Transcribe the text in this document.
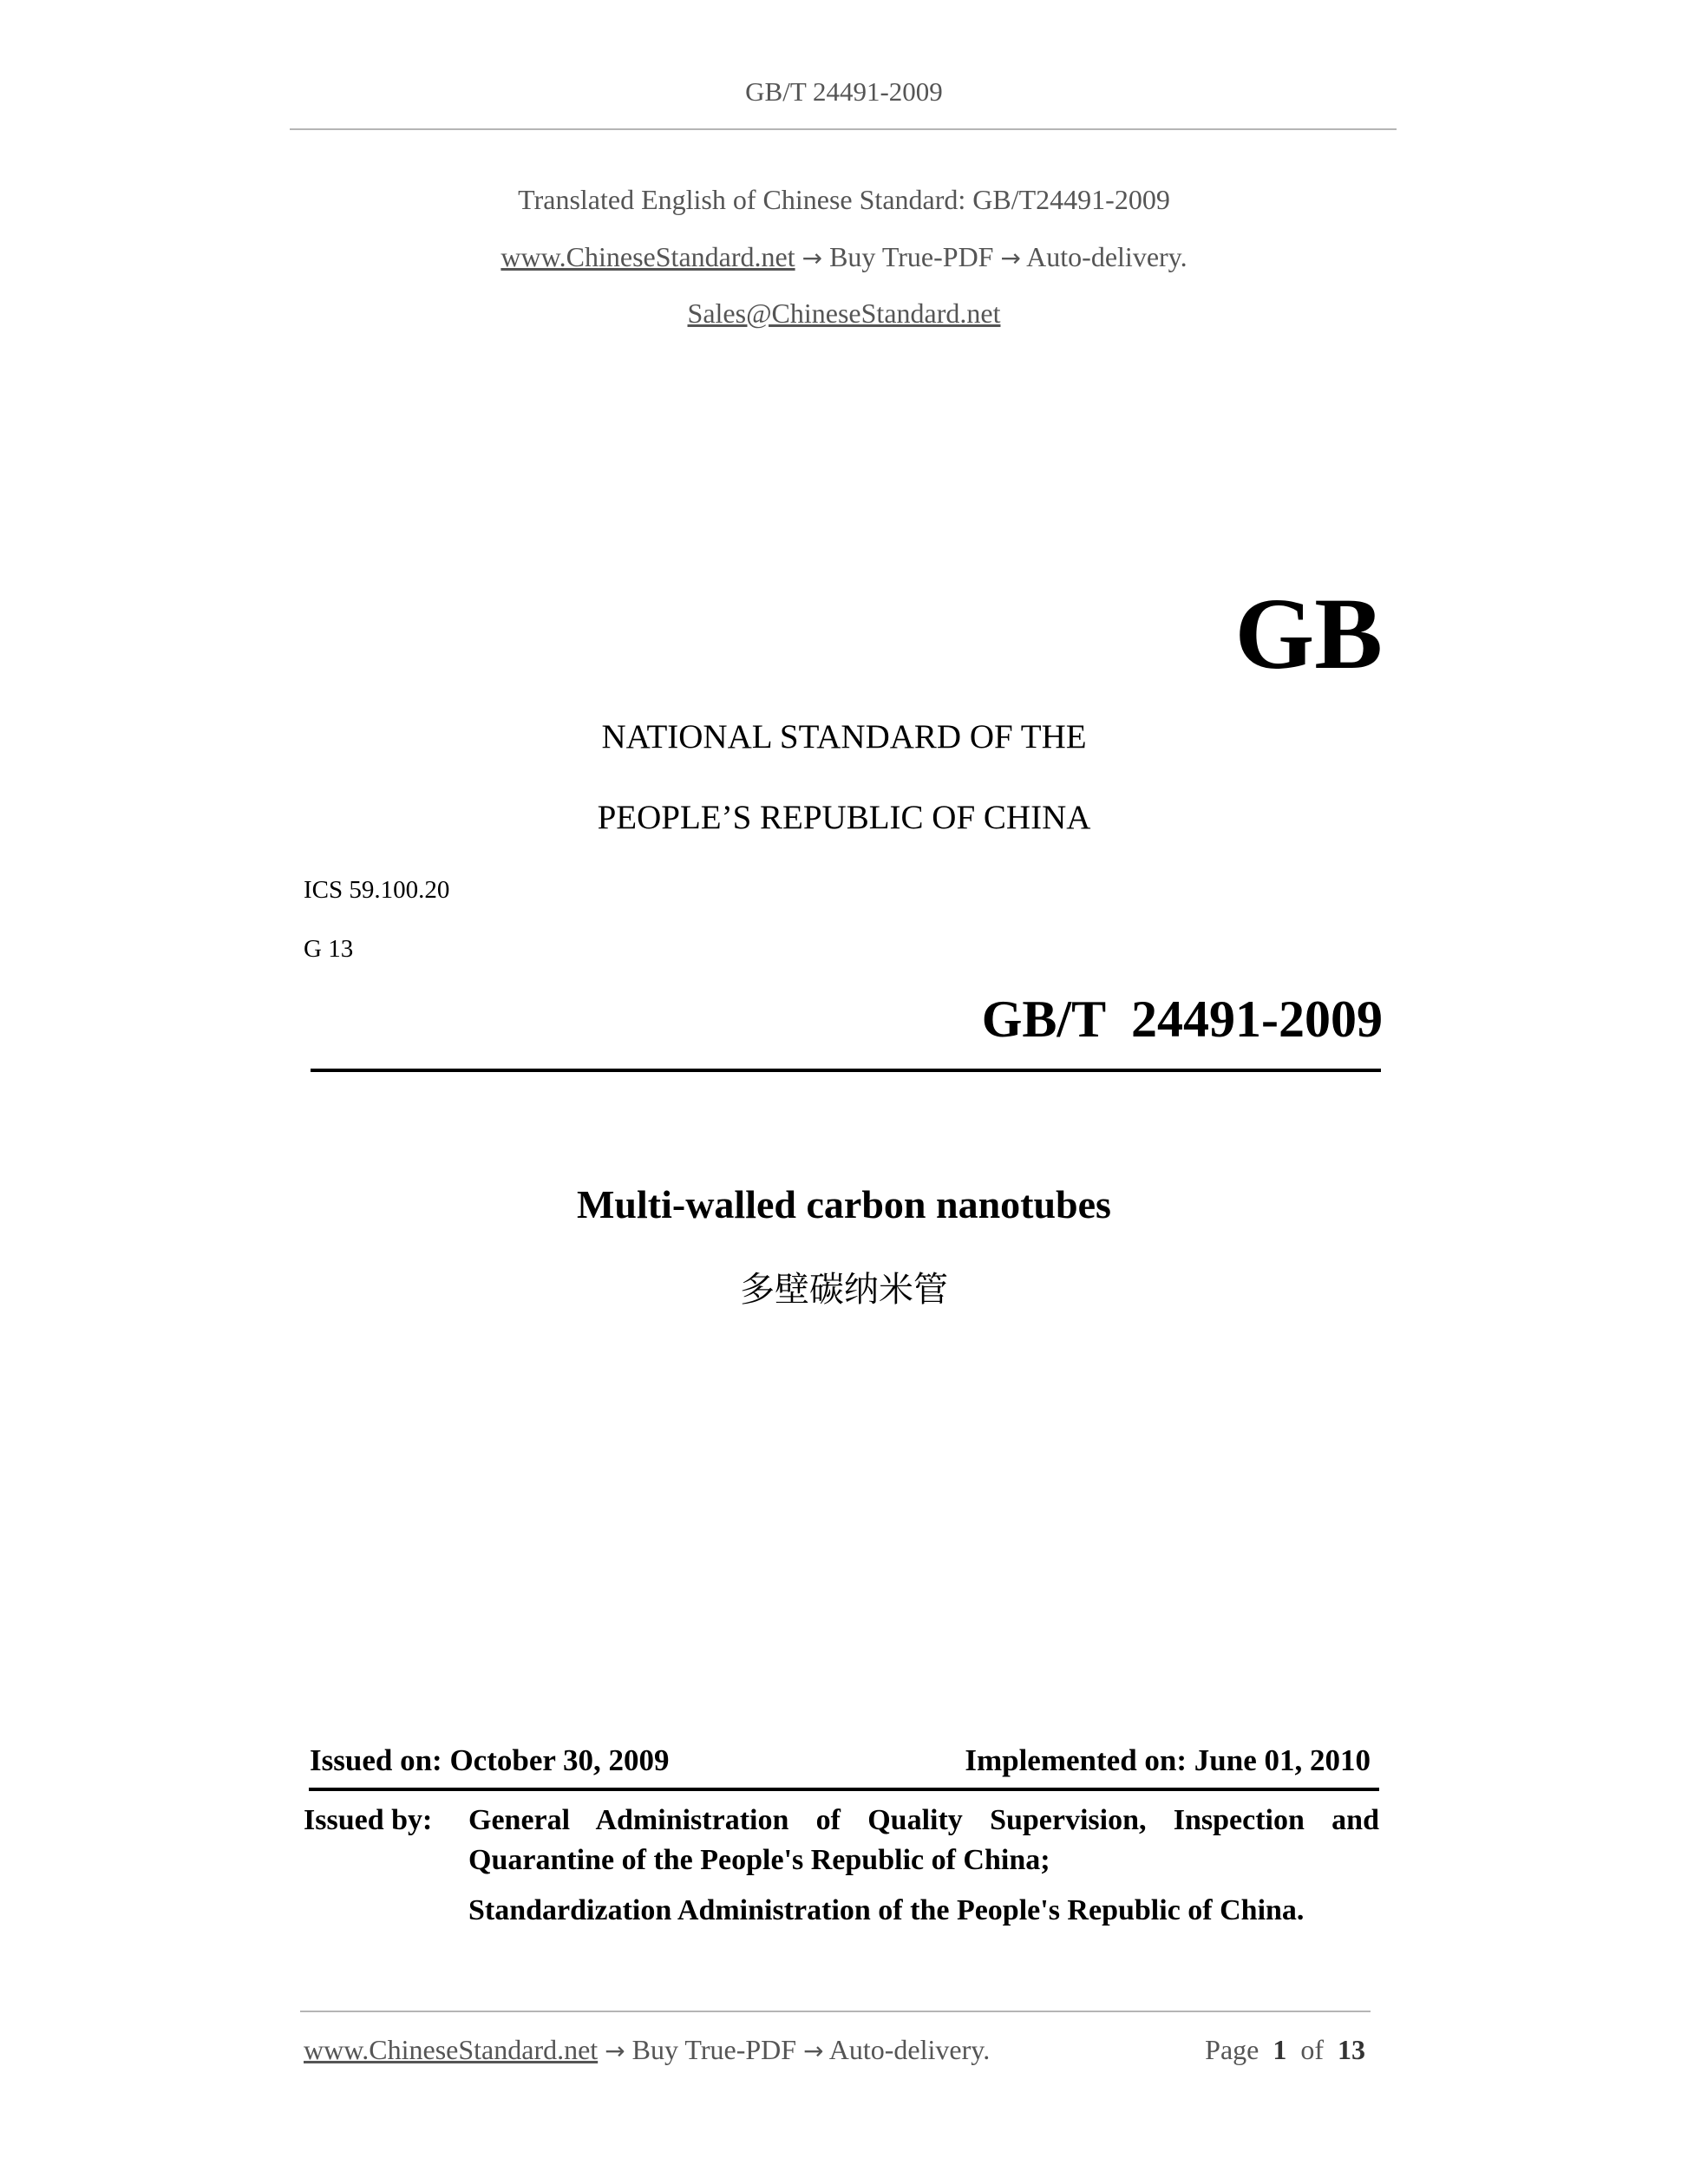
GB/T 24491-2009
Translated English of Chinese Standard: GB/T24491-2009
www.ChineseStandard.net → Buy True-PDF → Auto-delivery.
Sales@ChineseStandard.net
GB
NATIONAL STANDARD OF THE
PEOPLE’S REPUBLIC OF CHINA
ICS 59.100.20
G 13
GB/T  24491-2009
Multi-walled carbon nanotubes
多壁碳纳米管
Issued on: October 30, 2009	Implemented on: June 01, 2010
Issued by: General Administration of Quality Supervision, Inspection and Quarantine of the People's Republic of China;
Standardization Administration of the People's Republic of China.
www.ChineseStandard.net → Buy True-PDF → Auto-delivery.	Page 1 of 13
